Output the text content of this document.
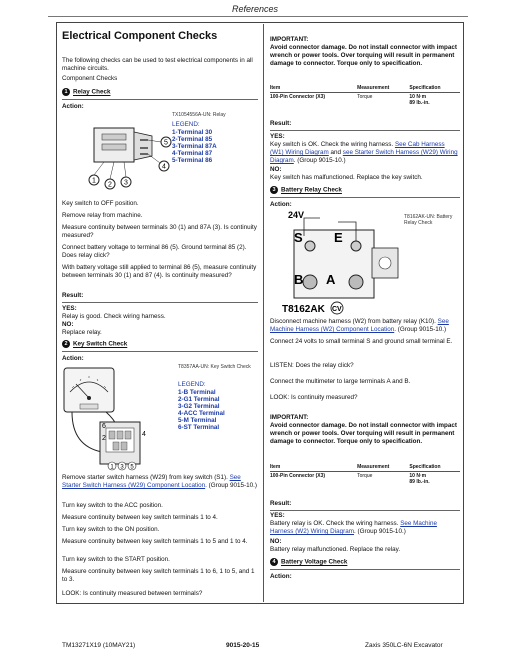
References
Electrical Component Checks
The following checks can be used to test electrical components in all machine circuits.
Component Checks
1 Relay Check
Action:
5
4
1
2 3
TX1054556A-UN: Relay
LEGEND:
1-Terminal 30
2-Terminal 85
3-Terminal 87A
4-Terminal 87
5-Terminal 86
Key switch to OFF position.
Remove relay from machine.
Measure continuity between terminals 30 (1) and 87A (3). Is continuity measured?
Connect battery voltage to terminal 86 (5). Ground terminal 85 (2). Does relay click?
With battery voltage still applied to terminal 86 (5), measure continuity between terminals 30 (1) and 87 (4). Is continuity measured?
Result:
YES:
Relay is good. Check wiring harness.
NO:
Replace relay.
2 Key Switch Check
Action:
6
2
4
1 3 5
T8357AA-UN: Key Switch Check
LEGEND:
1-B Terminal
2-G1 Terminal
3-G2 Terminal
4-ACC Terminal
5-M Terminal
6-ST Terminal
Remove starter switch harness (W29) from key switch (S1). See Starter Switch Harness (W29) Component Location. (Group 9015-10.)
Turn key switch to the ACC position.
Measure continuity between key switch terminals 1 to 4.
Turn key switch to the ON position.
Measure continuity between key switch terminals 1 to 5 and 1 to 4.
Turn key switch to the START position.
Measure continuity between key switch terminals 1 to 6, 1 to 5, and 1 to 3.
LOOK: Is continuity measured between terminals?
IMPORTANT:
Avoid connector damage. Do not install connector with impact wrench or power tools. Over torquing will result in permanent damage to connector. Torque only to specification.
Item	Measurement	Specification
100-Pin Connector (X3)	Torque	10 N·m
89 lb.-in.
Result:
YES:
Key switch is OK. Check the wiring harness. See Cab Harness (W1) Wiring Diagram and see Starter Switch Harness (W29) Wiring Diagram. (Group 9015-10.)
NO:
Key switch has malfunctioned. Replace the key switch.
3 Battery Relay Check
Action:
24V
S E
B A
T8162AK CV
T8162AK-UN: Battery Relay Check
Disconnect machine harness (W2) from battery relay (K10). See Machine Harness (W2) Component Location. (Group 9015-10.)
Connect 24 volts to small terminal S and ground small terminal E.
LISTEN: Does the relay click?
Connect the multimeter to large terminals A and B.
LOOK: Is continuity measured?
IMPORTANT:
Avoid connector damage. Do not install connector with impact wrench or power tools. Over torquing will result in permanent damage to connector. Torque only to specification.
Item	Measurement	Specification
100-Pin Connector (X3)	Torque	10 N·m
89 lb.-in.
Result:
YES:
Battery relay is OK. Check the wiring harness. See Machine Harness (W2) Wiring Diagram. (Group 9015-10.)
NO:
Battery relay malfunctioned. Replace the relay.
4 Battery Voltage Check
Action:
TM13271X19 (10MAY21)	9015-20-15	Zaxis 350LC-6N Excavator
